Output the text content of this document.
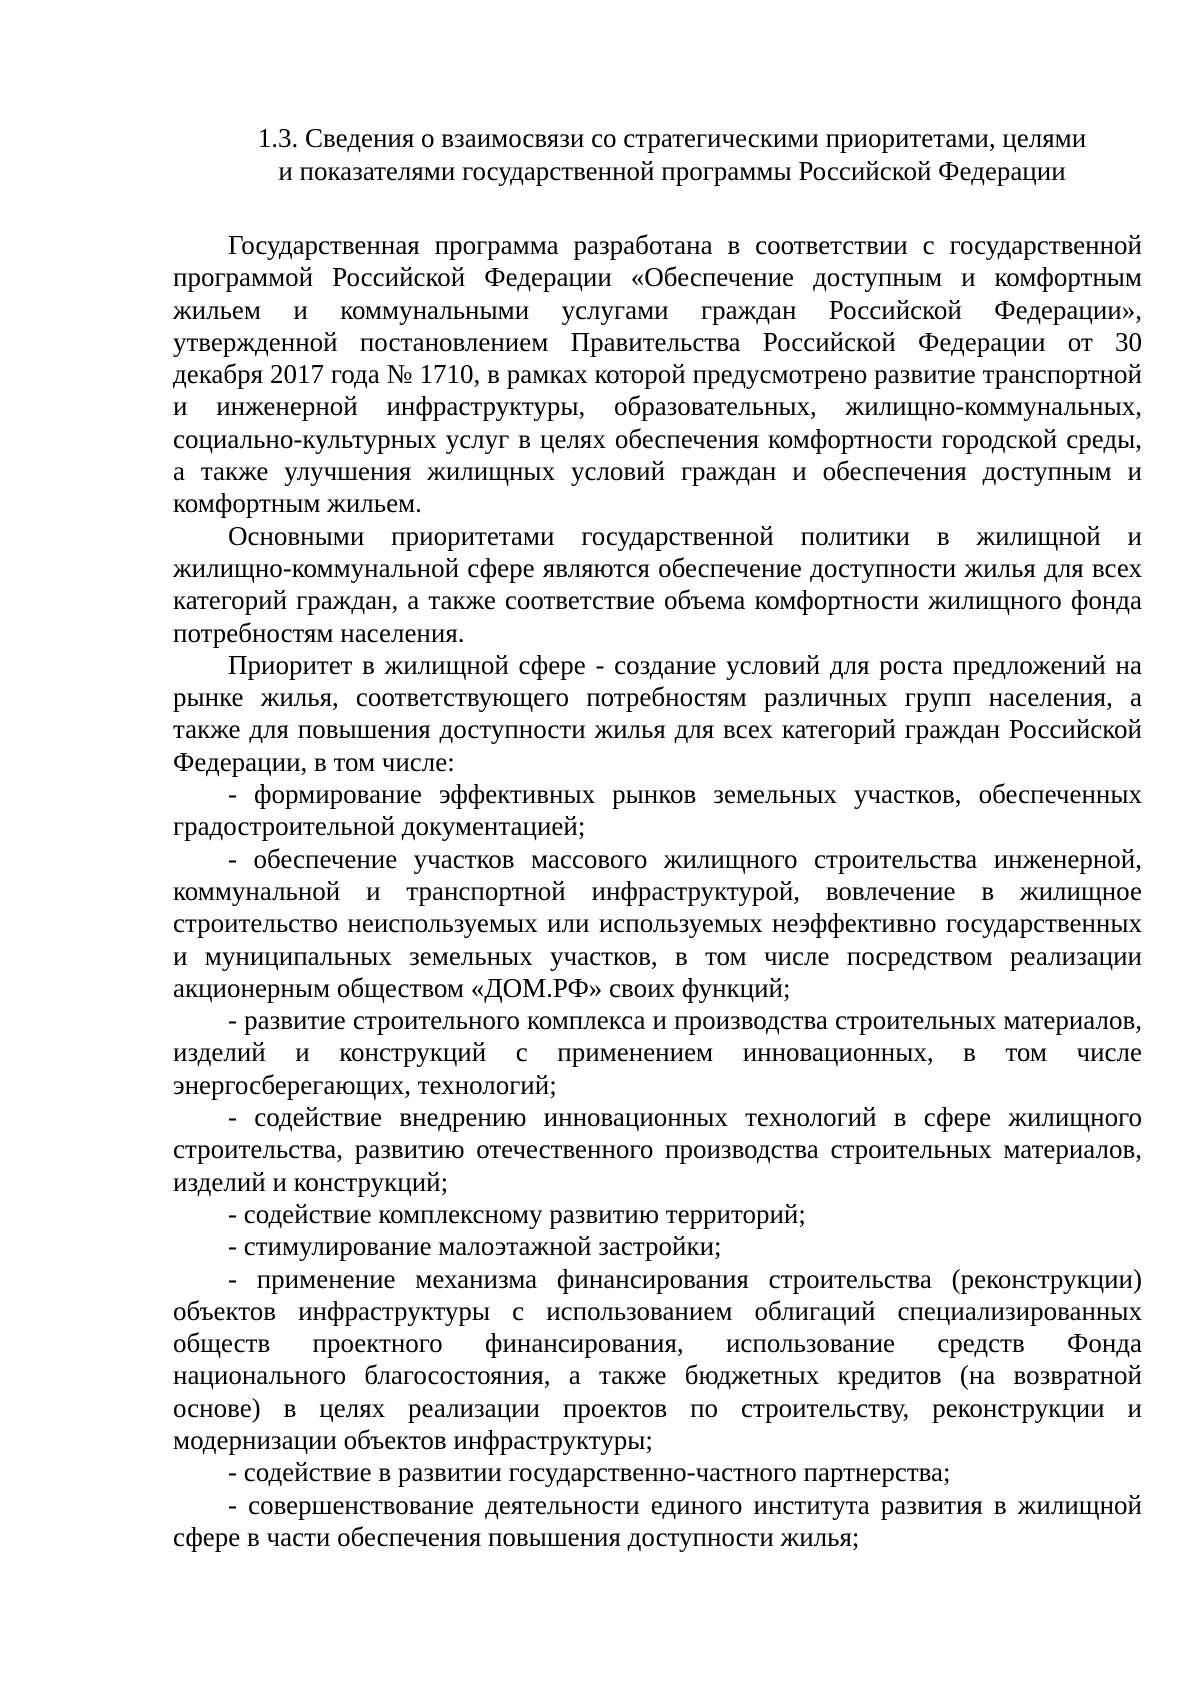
1.3. Сведения о взаимосвязи со стратегическими приоритетами, целями
и показателями государственной программы Российской Федерации

Государственная программа разработана в соответствии с государственной программой Российской Федерации «Обеспечение доступным и комфортным жильем и коммунальными услугами граждан Российской Федерации», утвержденной постановлением Правительства Российской Федерации от 30 декабря 2017 года № 1710, в рамках которой предусмотрено развитие транспортной и инженерной инфраструктуры, образовательных, жилищно-коммунальных, социально-культурных услуг в целях обеспечения комфортности городской среды, а также улучшения жилищных условий граждан и обеспечения доступным и комфортным жильем.

Основными приоритетами государственной политики в жилищной и жилищно-коммунальной сфере являются обеспечение доступности жилья для всех категорий граждан, а также соответствие объема комфортности жилищного фонда потребностям населения.

Приоритет в жилищной сфере - создание условий для роста предложений на рынке жилья, соответствующего потребностям различных групп населения, а также для повышения доступности жилья для всех категорий граждан Российской Федерации, в том числе:

- формирование эффективных рынков земельных участков, обеспеченных градостроительной документацией;

- обеспечение участков массового жилищного строительства инженерной, коммунальной и транспортной инфраструктурой, вовлечение в жилищное строительство неиспользуемых или используемых неэффективно государственных и муниципальных земельных участков, в том числе посредством реализации акционерным обществом «ДОМ.РФ» своих функций;

- развитие строительного комплекса и производства строительных материалов, изделий и конструкций с применением инновационных, в том числе энергосберегающих, технологий;

- содействие внедрению инновационных технологий в сфере жилищного строительства, развитию отечественного производства строительных материалов, изделий и конструкций;

- содействие комплексному развитию территорий;

- стимулирование малоэтажной застройки;

- применение механизма финансирования строительства (реконструкции) объектов инфраструктуры с использованием облигаций специализированных обществ проектного финансирования, использование средств Фонда национального благосостояния, а также бюджетных кредитов (на возвратной основе) в целях реализации проектов по строительству, реконструкции и модернизации объектов инфраструктуры;

- содействие в развитии государственно-частного партнерства;

- совершенствование деятельности единого института развития в жилищной сфере в части обеспечения повышения доступности жилья;
